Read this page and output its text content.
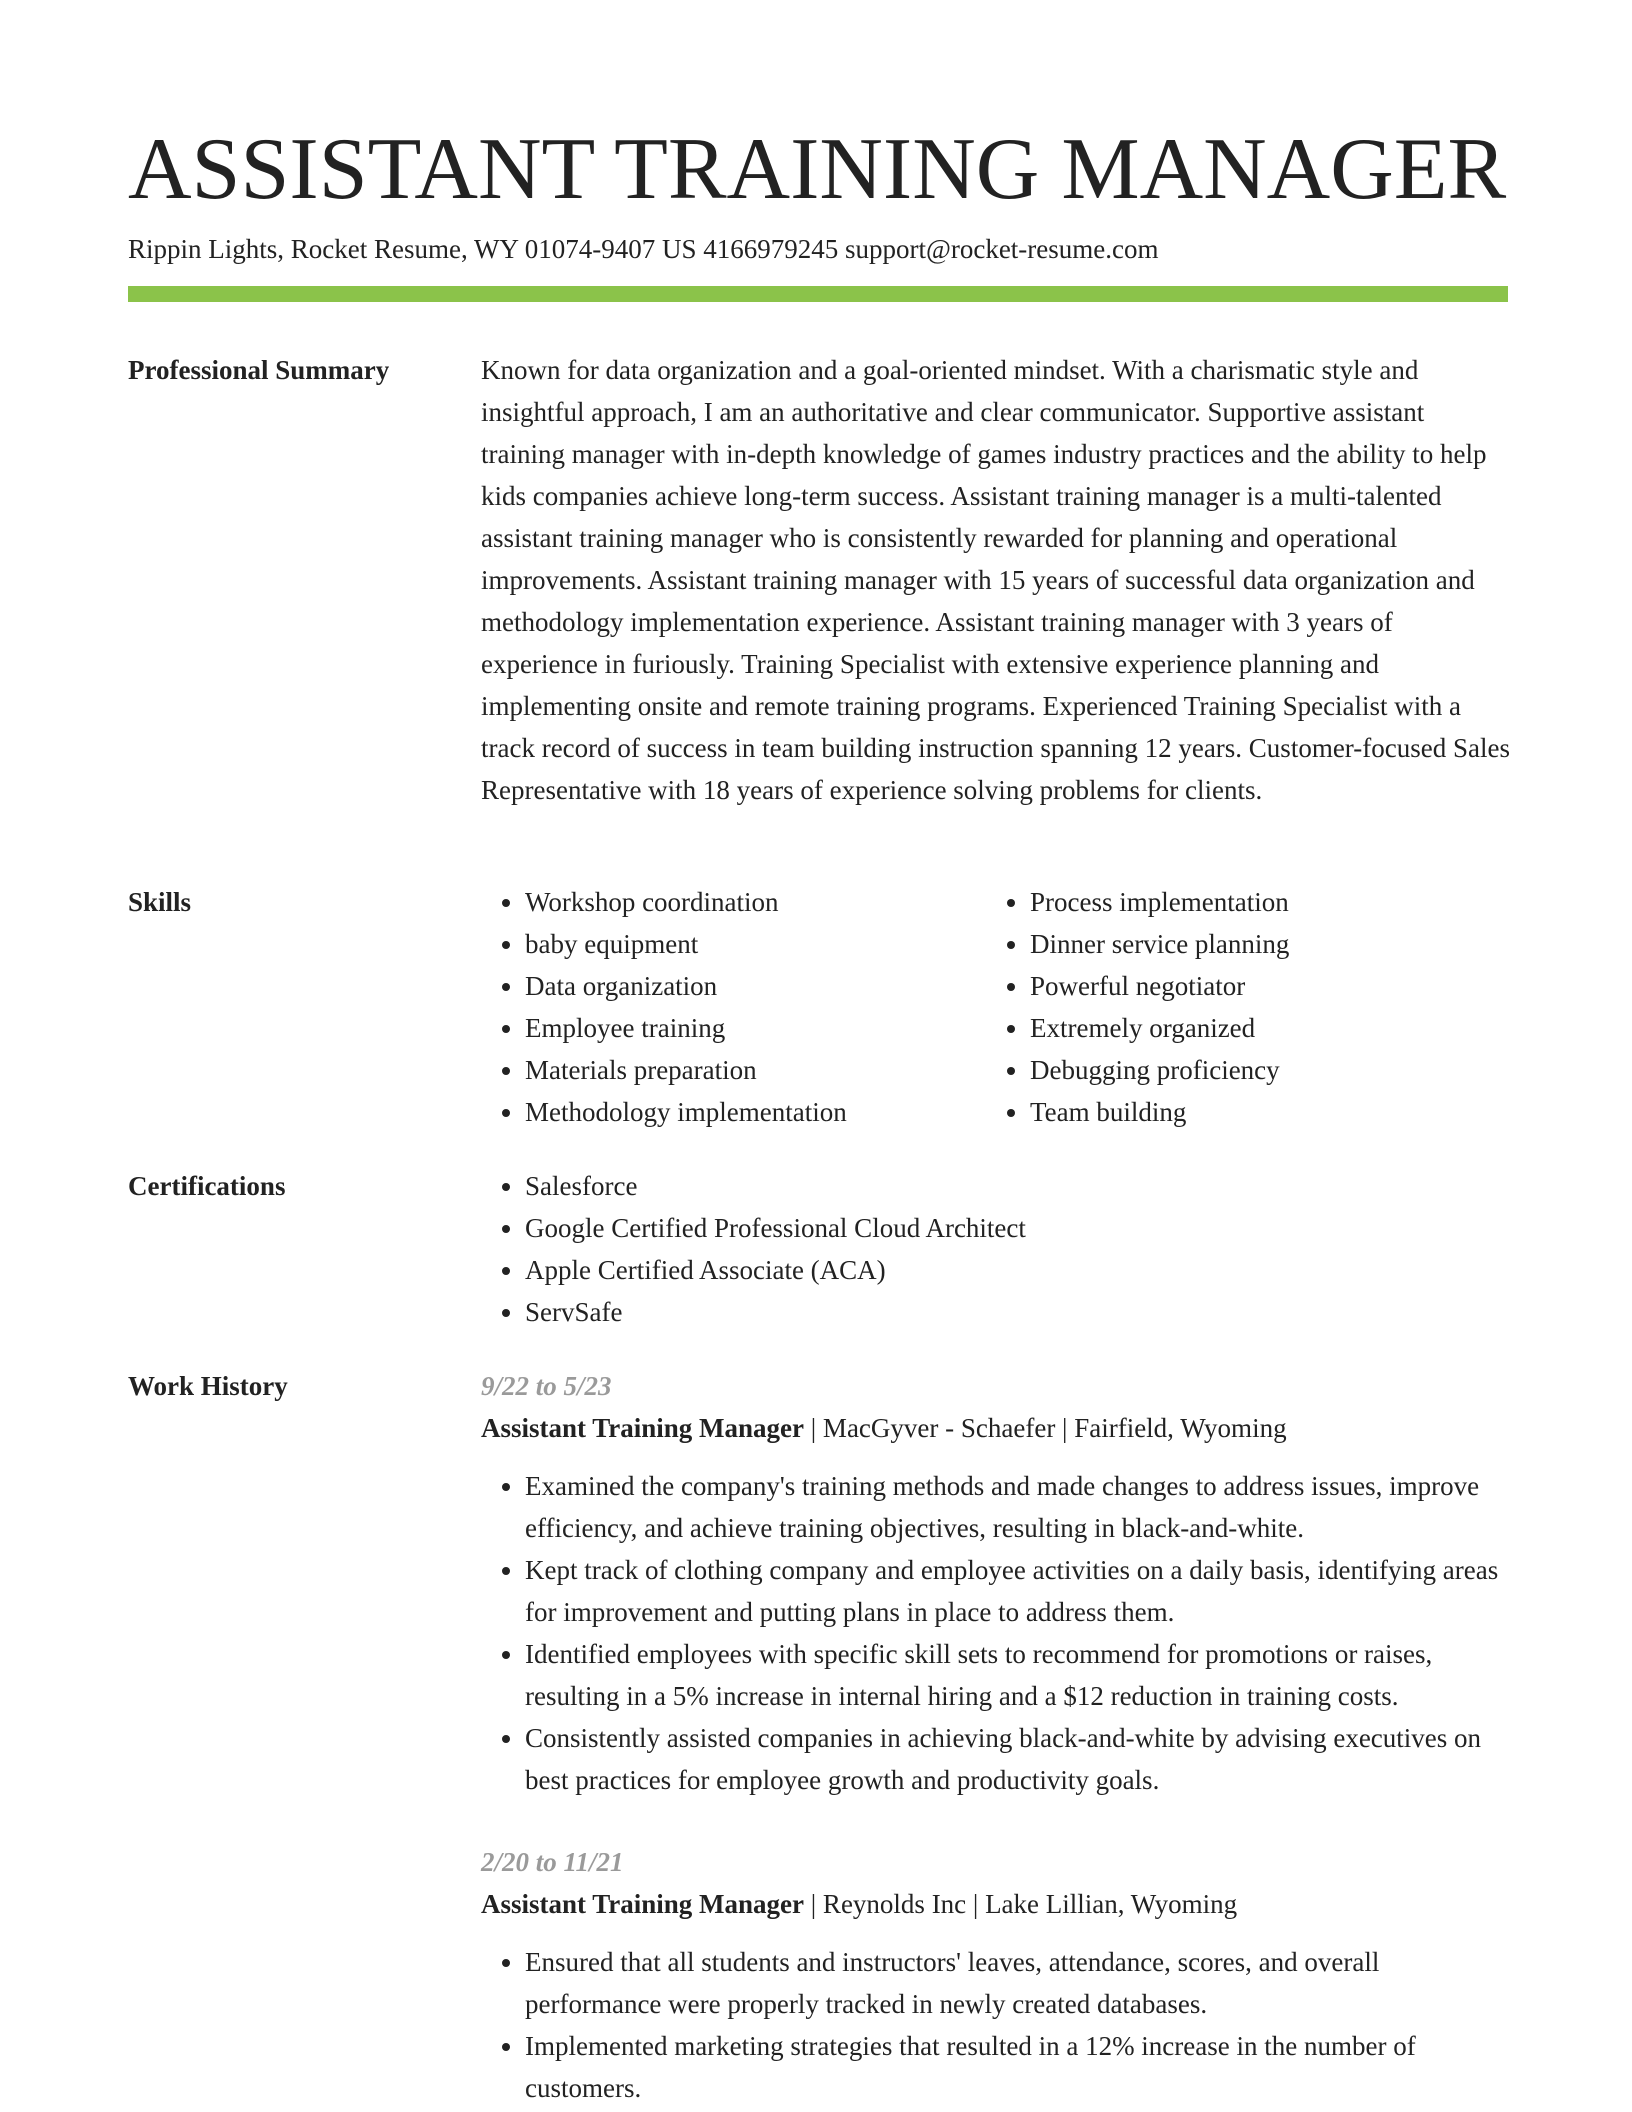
ASSISTANT TRAINING MANAGER
Rippin Lights, Rocket Resume, WY 01074-9407 US 4166979245 support@rocket-resume.com
Professional Summary	Known for data organization and a goal-oriented mindset. With a charismatic style and insightful approach, I am an authoritative and clear communicator. Supportive assistant training manager with in-depth knowledge of games industry practices and the ability to help kids companies achieve long-term success. Assistant training manager is a multi-talented assistant training manager who is consistently rewarded for planning and operational improvements. Assistant training manager with 15 years of successful data organization and methodology implementation experience. Assistant training manager with 3 years of experience in furiously. Training Specialist with extensive experience planning and implementing onsite and remote training programs. Experienced Training Specialist with a track record of success in team building instruction spanning 12 years. Customer-focused Sales Representative with 18 years of experience solving problems for clients.

Skills	• Workshop coordination
• baby equipment
• Data organization
• Employee training
• Materials preparation
• Methodology implementation
• Process implementation
• Dinner service planning
• Powerful negotiator
• Extremely organized
• Debugging proficiency
• Team building
Certifications	• Salesforce
• Google Certified Professional Cloud Architect
• Apple Certified Associate (ACA)
• ServSafe
Work History	9/22 to 5/23
Assistant Training Manager | MacGyver - Schaefer | Fairfield, Wyoming
• Examined the company's training methods and made changes to address issues, improve efficiency, and achieve training objectives, resulting in black-and-white.
• Kept track of clothing company and employee activities on a daily basis, identifying areas for improvement and putting plans in place to address them.
• Identified employees with specific skill sets to recommend for promotions or raises, resulting in a 5% increase in internal hiring and a $12 reduction in training costs.
• Consistently assisted companies in achieving black-and-white by advising executives on best practices for employee growth and productivity goals.
2/20 to 11/21
Assistant Training Manager | Reynolds Inc | Lake Lillian, Wyoming
• Ensured that all students and instructors' leaves, attendance, scores, and overall performance were properly tracked in newly created databases.
• Implemented marketing strategies that resulted in a 12% increase in the number of customers.
